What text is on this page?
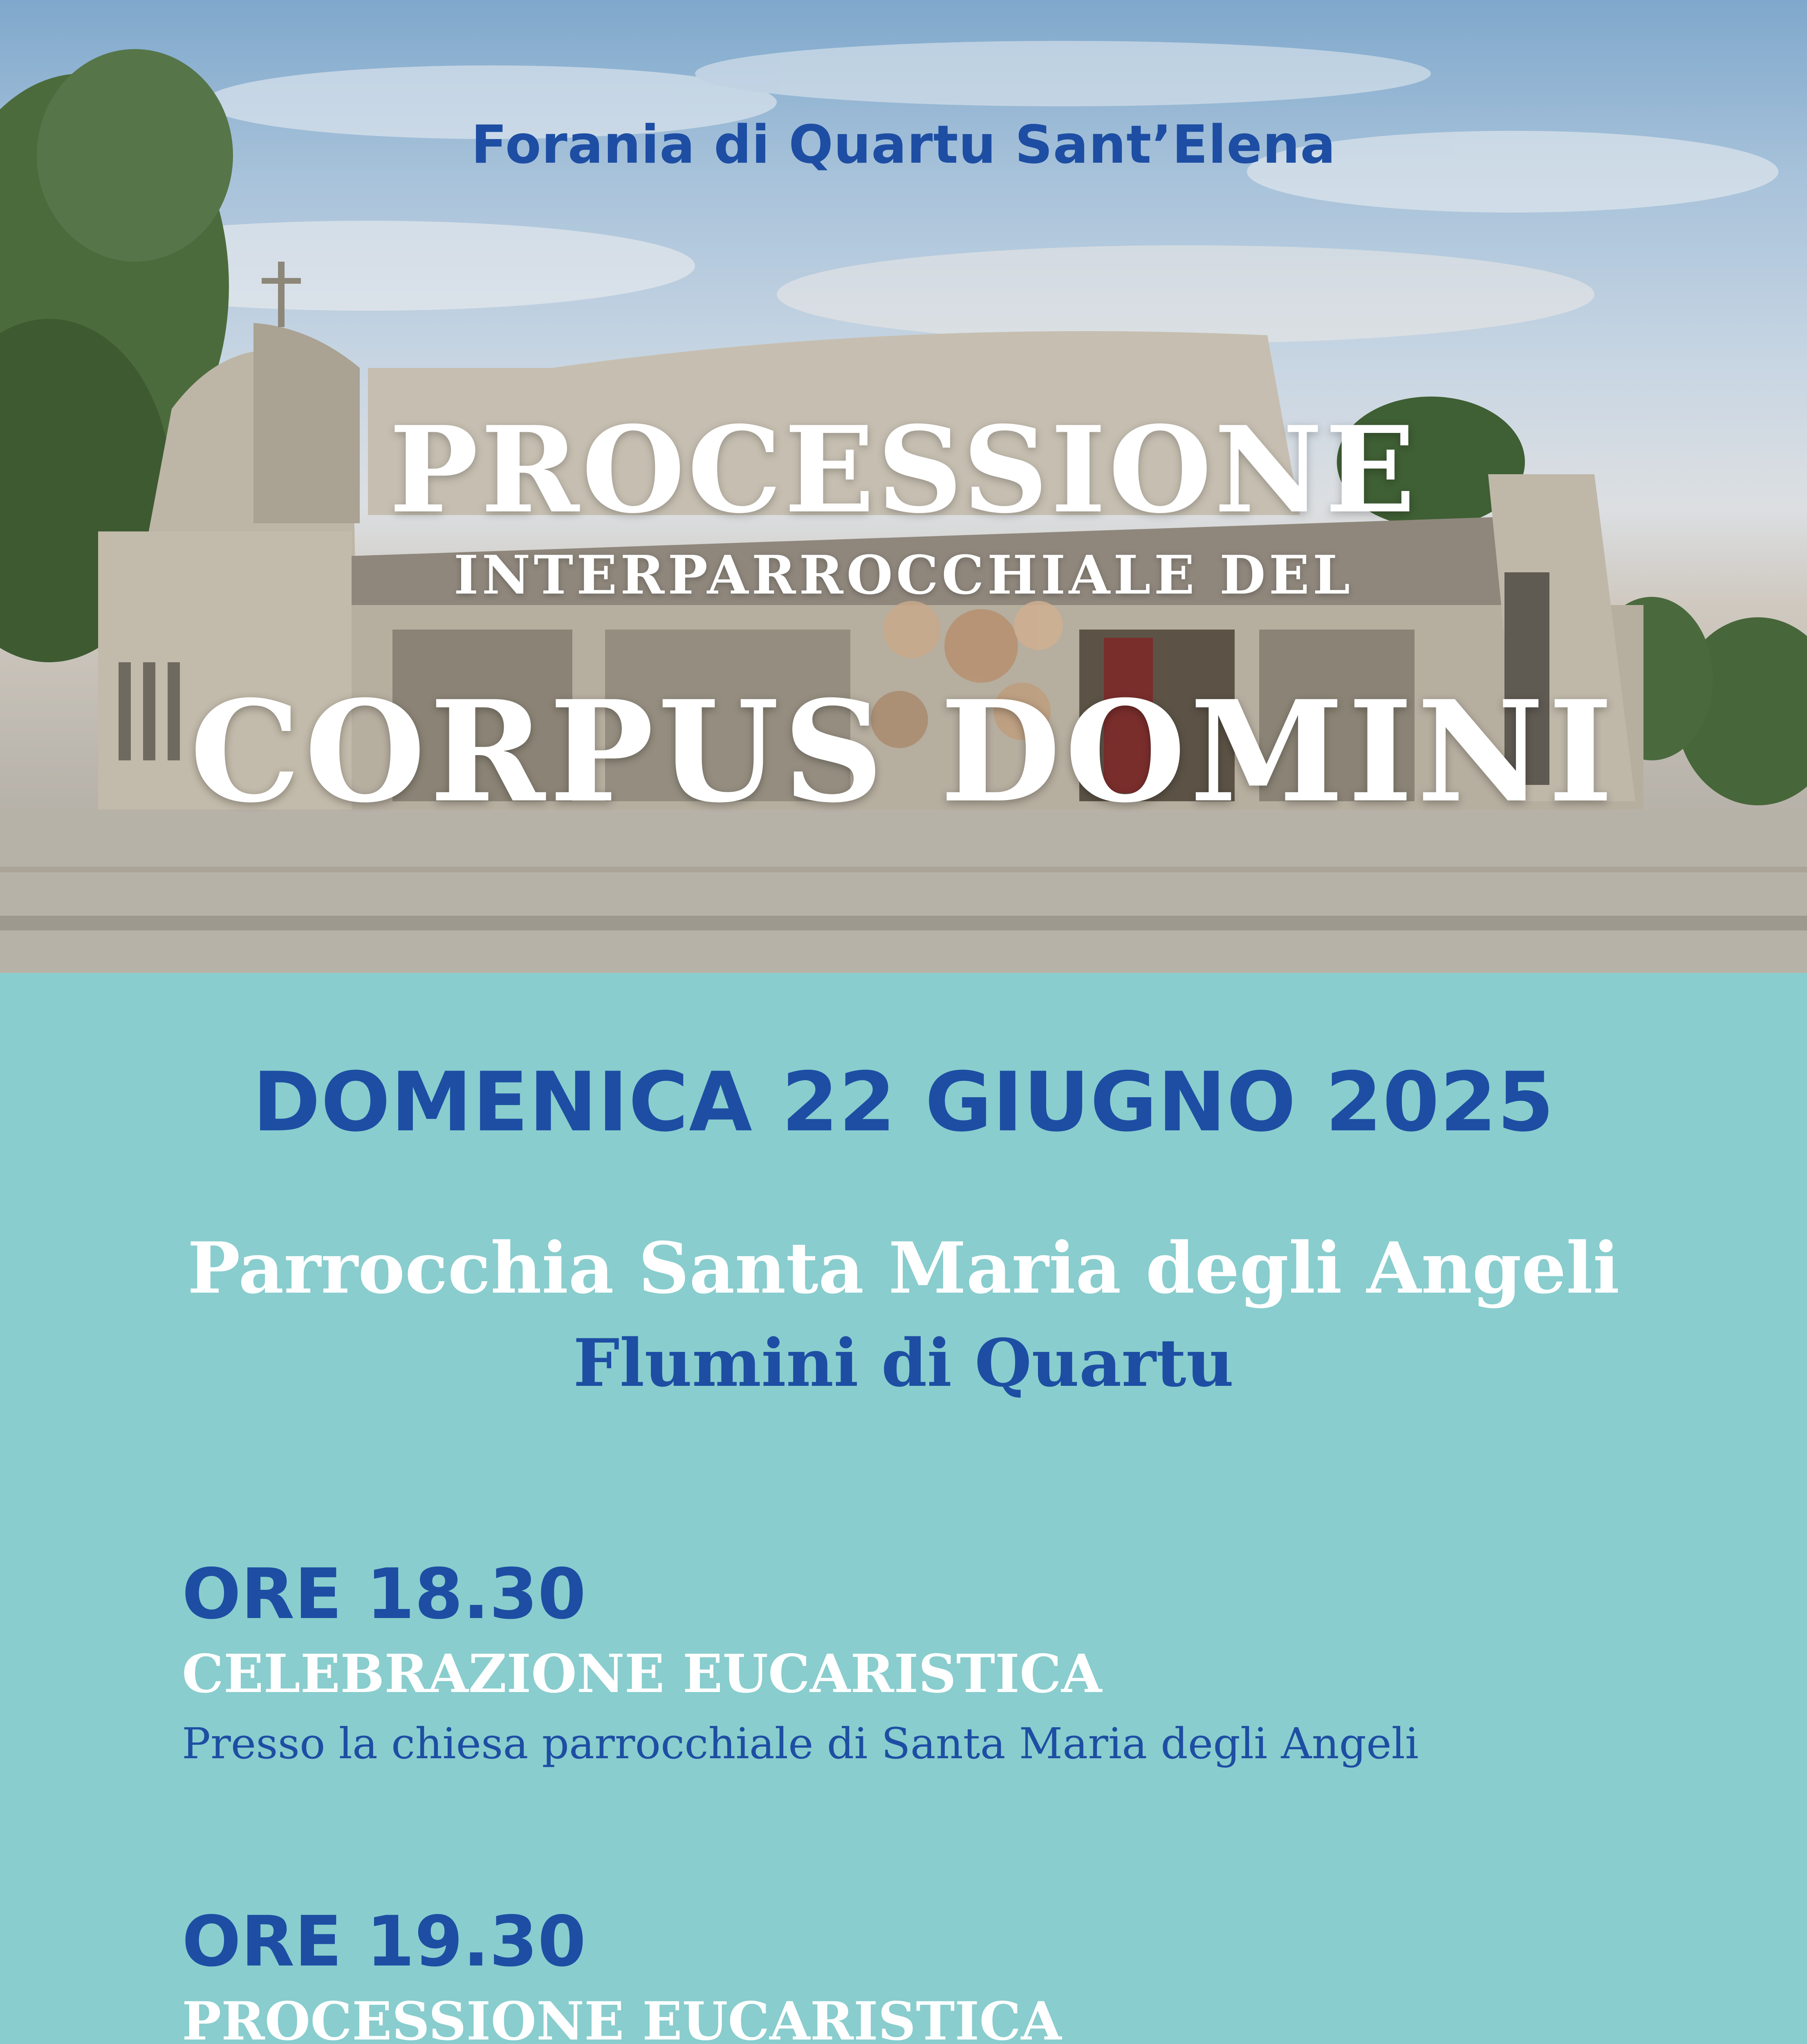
Forania di Quartu Sant’Elena
PROCESSIONE
INTERPARROCCHIALE DEL
CORPUS DOMINI
DOMENICA 22 GIUGNO 2025
Parrocchia Santa Maria degli Angeli
Flumini di Quartu
ORE 18.30
CELEBRAZIONE EUCARISTICA
Presso la chiesa parrocchiale di Santa Maria degli Angeli
ORE 19.30
PROCESSIONE EUCARISTICA
